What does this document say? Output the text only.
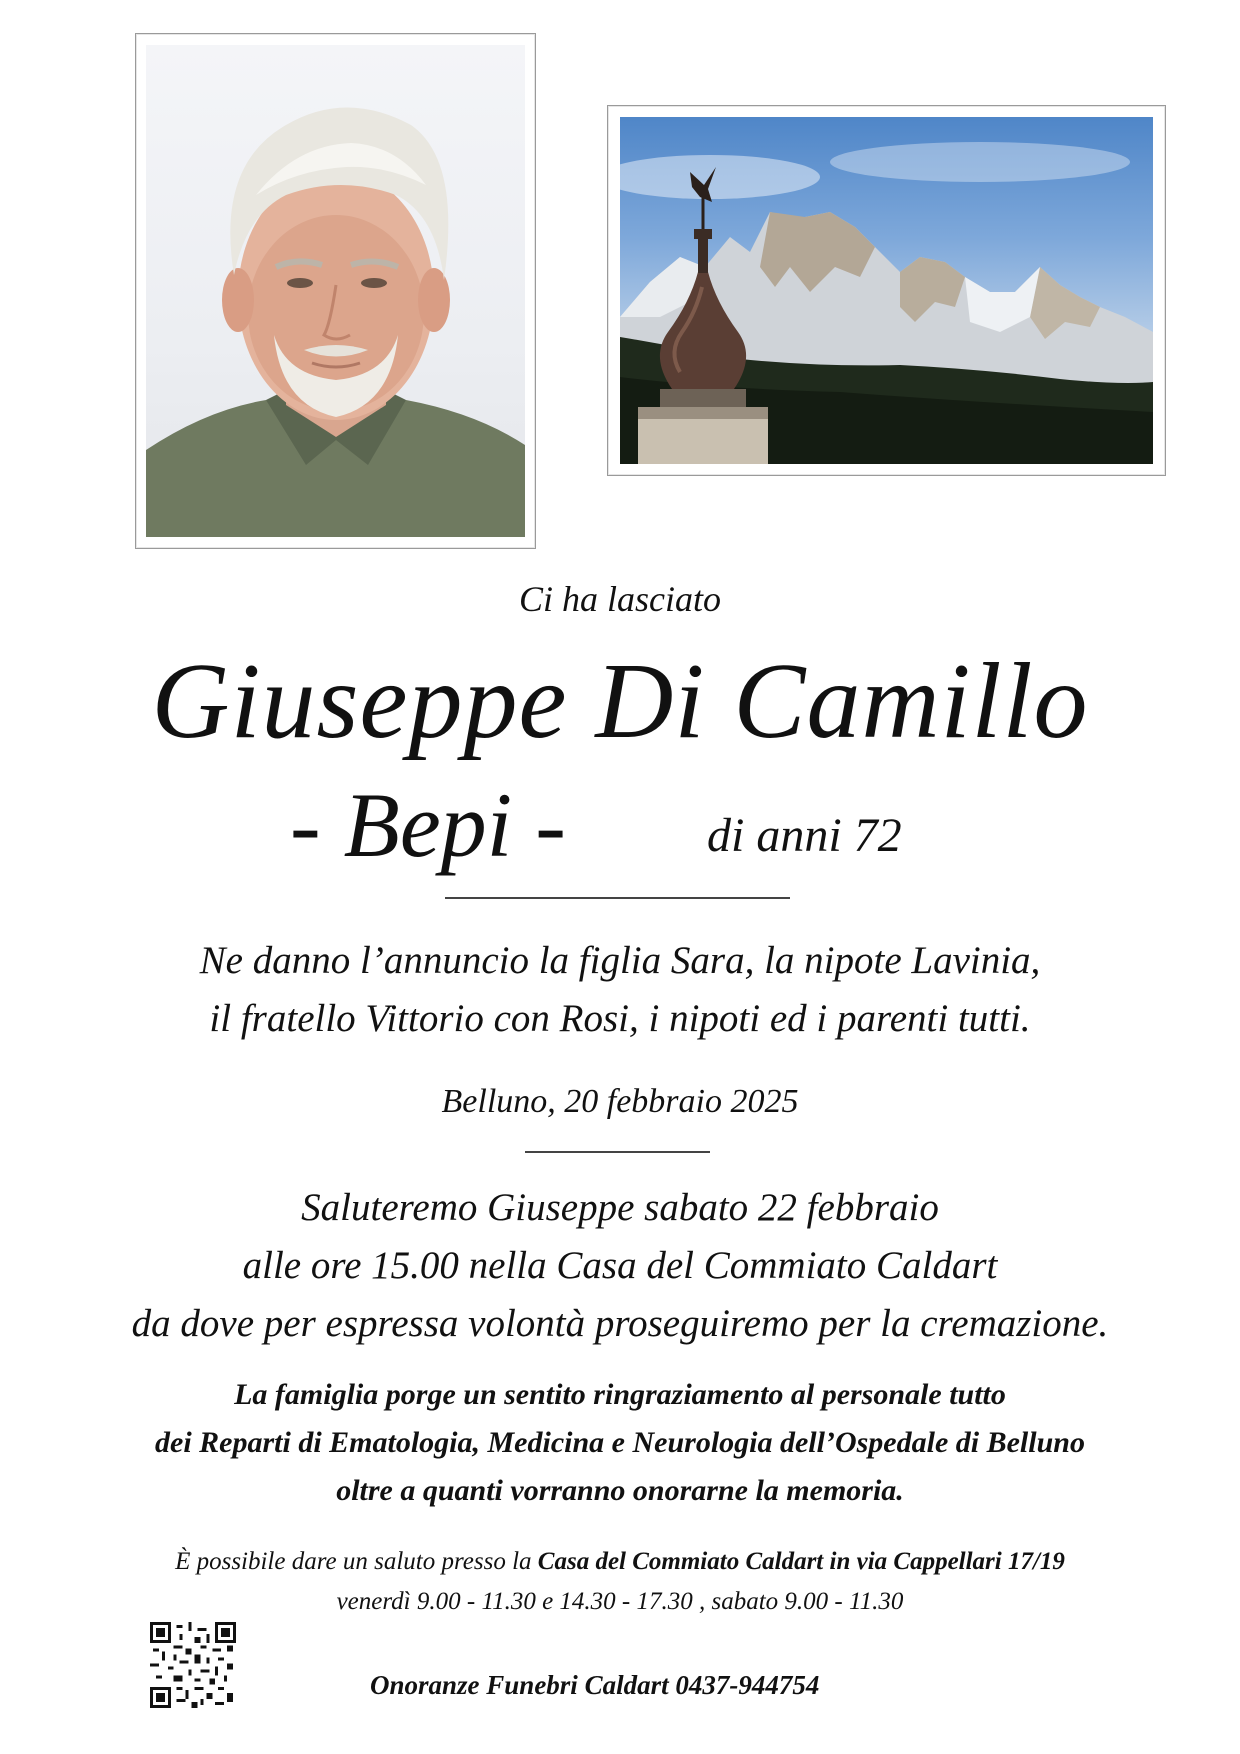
Ci ha lasciato
Giuseppe Di Camillo
- Bepi -	di anni 72
Ne danno l’annuncio la figlia Sara, la nipote Lavinia,
il fratello Vittorio con Rosi, i nipoti ed i parenti tutti.
Belluno, 20 febbraio 2025
Saluteremo Giuseppe sabato 22 febbraio
alle ore 15.00 nella Casa del Commiato Caldart
da dove per espressa volontà proseguiremo per la cremazione.
La famiglia porge un sentito ringraziamento al personale tutto
dei Reparti di Ematologia, Medicina e Neurologia dell’Ospedale di Belluno
oltre a quanti vorranno onorarne la memoria.
È possibile dare un saluto presso la Casa del Commiato Caldart in via Cappellari 17/19
venerdì 9.00 - 11.30 e 14.30 - 17.30 , sabato 9.00 - 11.30
Onoranze Funebri Caldart 0437-944754
